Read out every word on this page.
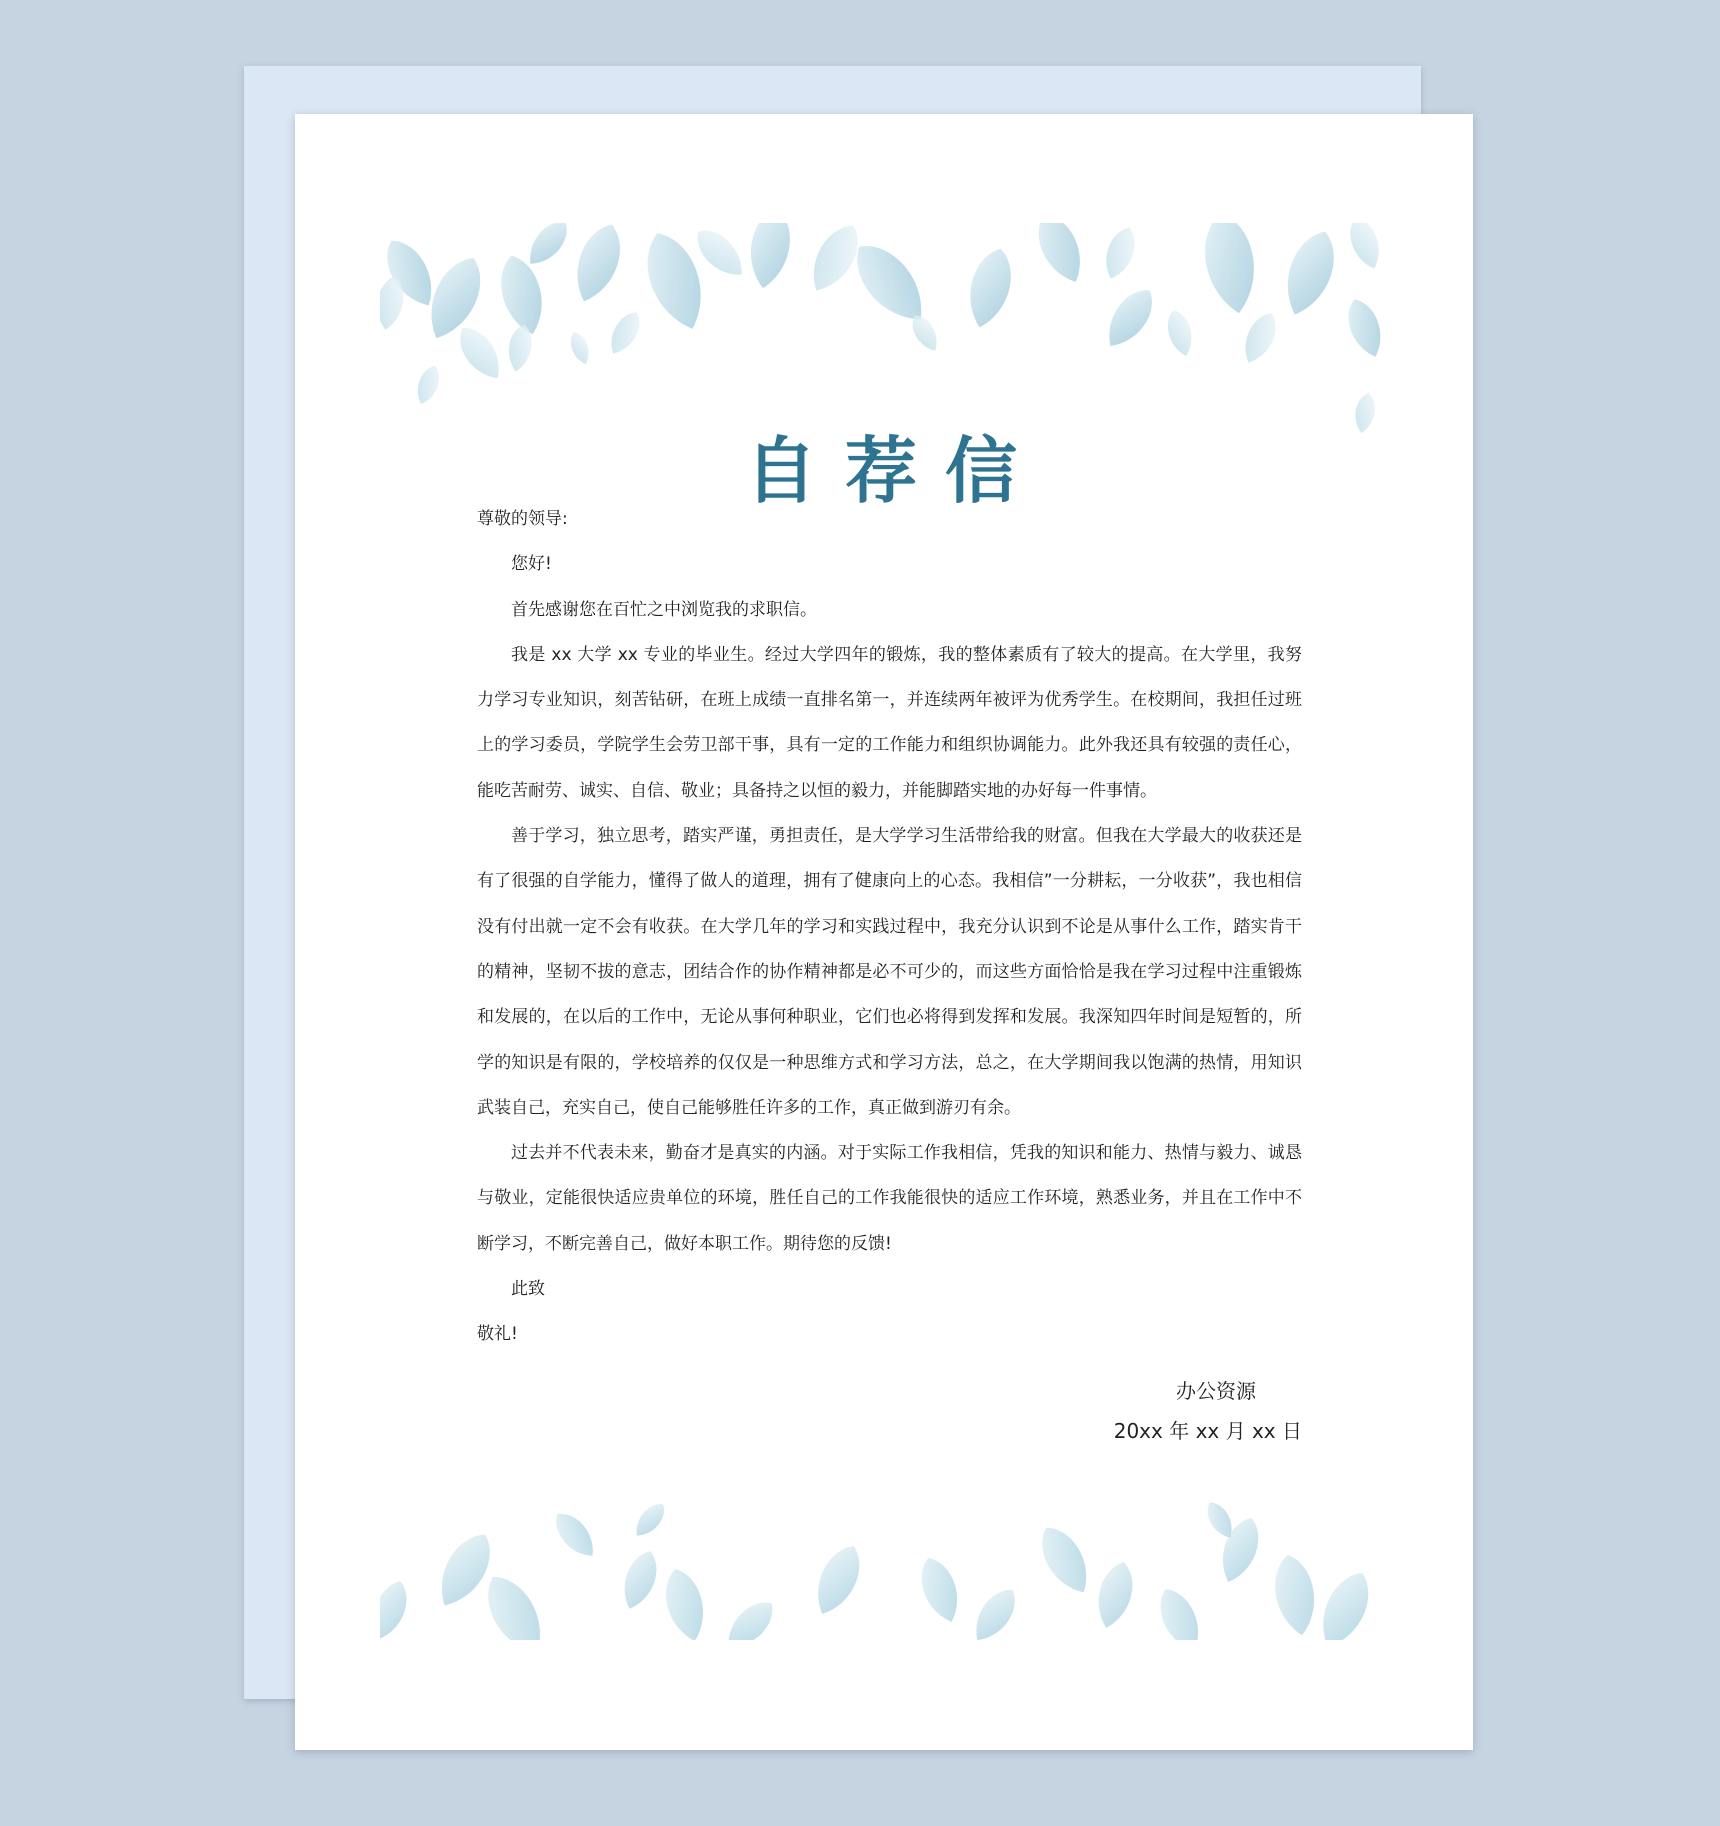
自荐信

尊敬的领导:

您好!

首先感谢您在百忙之中浏览我的求职信。

我是 xx 大学 xx 专业的毕业生。经过大学四年的锻炼，我的整体素质有了较大的提高。在大学里，我努力学习专业知识，刻苦钻研，在班上成绩一直排名第一，并连续两年被评为优秀学生。在校期间，我担任过班上的学习委员，学院学生会劳卫部干事，具有一定的工作能力和组织协调能力。此外我还具有较强的责任心，能吃苦耐劳、诚实、自信、敬业；具备持之以恒的毅力，并能脚踏实地的办好每一件事情。

善于学习，独立思考，踏实严谨，勇担责任，是大学学习生活带给我的财富。但我在大学最大的收获还是有了很强的自学能力，懂得了做人的道理，拥有了健康向上的心态。我相信”一分耕耘，一分收获”，我也相信没有付出就一定不会有收获。在大学几年的学习和实践过程中，我充分认识到不论是从事什么工作，踏实肯干的精神，坚韧不拔的意志，团结合作的协作精神都是必不可少的，而这些方面恰恰是我在学习过程中注重锻炼和发展的，在以后的工作中，无论从事何种职业，它们也必将得到发挥和发展。我深知四年时间是短暂的，所学的知识是有限的，学校培养的仅仅是一种思维方式和学习方法，总之，在大学期间我以饱满的热情，用知识武装自己，充实自己，使自己能够胜任许多的工作，真正做到游刃有余。

过去并不代表未来，勤奋才是真实的内涵。对于实际工作我相信，凭我的知识和能力、热情与毅力、诚恳与敬业，定能很快适应贵单位的环境，胜任自己的工作我能很快的适应工作环境，熟悉业务，并且在工作中不断学习，不断完善自己，做好本职工作。期待您的反馈!

此致

敬礼!

办公资源
20xx 年 xx 月 xx 日
